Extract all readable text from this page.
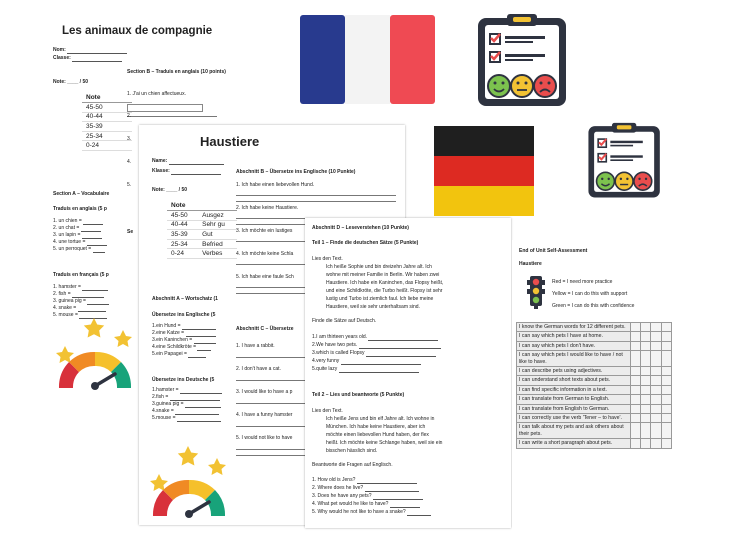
Les animaux de compagnie
Nom:
Classe:
Note: ____ / 50
Note
45-50
40-44
35-39
25-34
0-24
Section B – Traduis en anglais (10 points)
1. J'ai un chien affectueux.
2.
3.
4.
5.
Se
Section A – Vocabulaire
Traduis en anglais (5 p
1. un chien =
2. un chat =
3. un lapin =
4. une tortue =
5. un perroquet =
Traduis en français (5 p
1. hamster =
2. fish =
3. guinea pig =
4. snake =
5. mouse =
Haustiere
Name:
Klasse:
Note: ____ / 50
Note	
45-50	Ausgez
40-44	Sehr gu
35-39	Gut
25-34	Befried
0-24	Verbes
Abschnitt A – Wortschatz (1
Übersetze ins Englische (5
1.ein Hund =
2.eine Katze =
3.ein Kaninchen =
4.eine Schildkröte =
5.ein Papagei =
Übersetze ins Deutsche (5
1.hamster =
2.fish =
3.guinea pig =
4.snake =
5.mouse =
Abschnitt B – Übersetze ins Englische (10 Punkte)
1. Ich habe einen liebevollen Hund.
2. Ich habe keine Haustiere.
3. Ich möchte ein lustiges
4. Ich möchte keine Schla
5. Ich habe eine faule Sch
Abschnitt C – Übersetze
1. I have a rabbit.
2. I don't have a cat.
3. I would like to have a p
4. I have a funny hamster
5. I would not like to have
Abschnitt D – Leseverstehen (10 Punkte)
Teil 1 – Finde die deutschen Sätze (5 Punkte)
Lies den Text.
Ich heiße Sophie und bin dreizehn Jahre alt. Ich
wohne mit meiner Familie in Berlin. Wir haben zwei
Haustiere. Ich habe ein Kaninchen, das Flopsy heißt,
und eine Schildkröte, die Turbo heißt. Flopsy ist sehr
lustig und Turbo ist ziemlich faul. Ich liebe meine
Haustiere, weil sie sehr unterhaltsam sind.
Finde die Sätze auf Deutsch.
1.I am thirteen years old.
2.We have two pets.
3.which is called Flopsy
4.very funny
5.quite lazy
Teil 2 – Lies und beantworte (5 Punkte)
Lies den Text.
Ich heiße Jens und bin elf Jahre alt. Ich wohne in
München. Ich habe keine Haustiere, aber ich
möchte einen liebevollen Hund haben, der flex
heißt. Ich möchte keine Schlange haben, weil sie ein
bisschen hässlich sind.
Beantworte die Fragen auf Englisch.
1. How old is Jens?
2. Where does he live?
3. Does he have any pets?
4. What pet would he like to have?
5. Why would he not like to have a snake?
End of Unit Self-Assessment
Haustiere
Red = I need more practice
Yellow = I can do this with support
Green = I can do this with confidence
I know the German words for 12 different pets.				
I can say which pets I have at home.				
I can say which pets I don't have.				
I can say which pets I would like to have / not like to have.				
I can describe pets using adjectives.				
I can understand short texts about pets.				
I can find specific information in a text.				
I can translate from German to English.				
I can translate from English to German.				
I can correctly use the verb 'Tener – to have'.				
I can talk about my pets and ask others about their pets.				
I can write a short paragraph about pets.				
